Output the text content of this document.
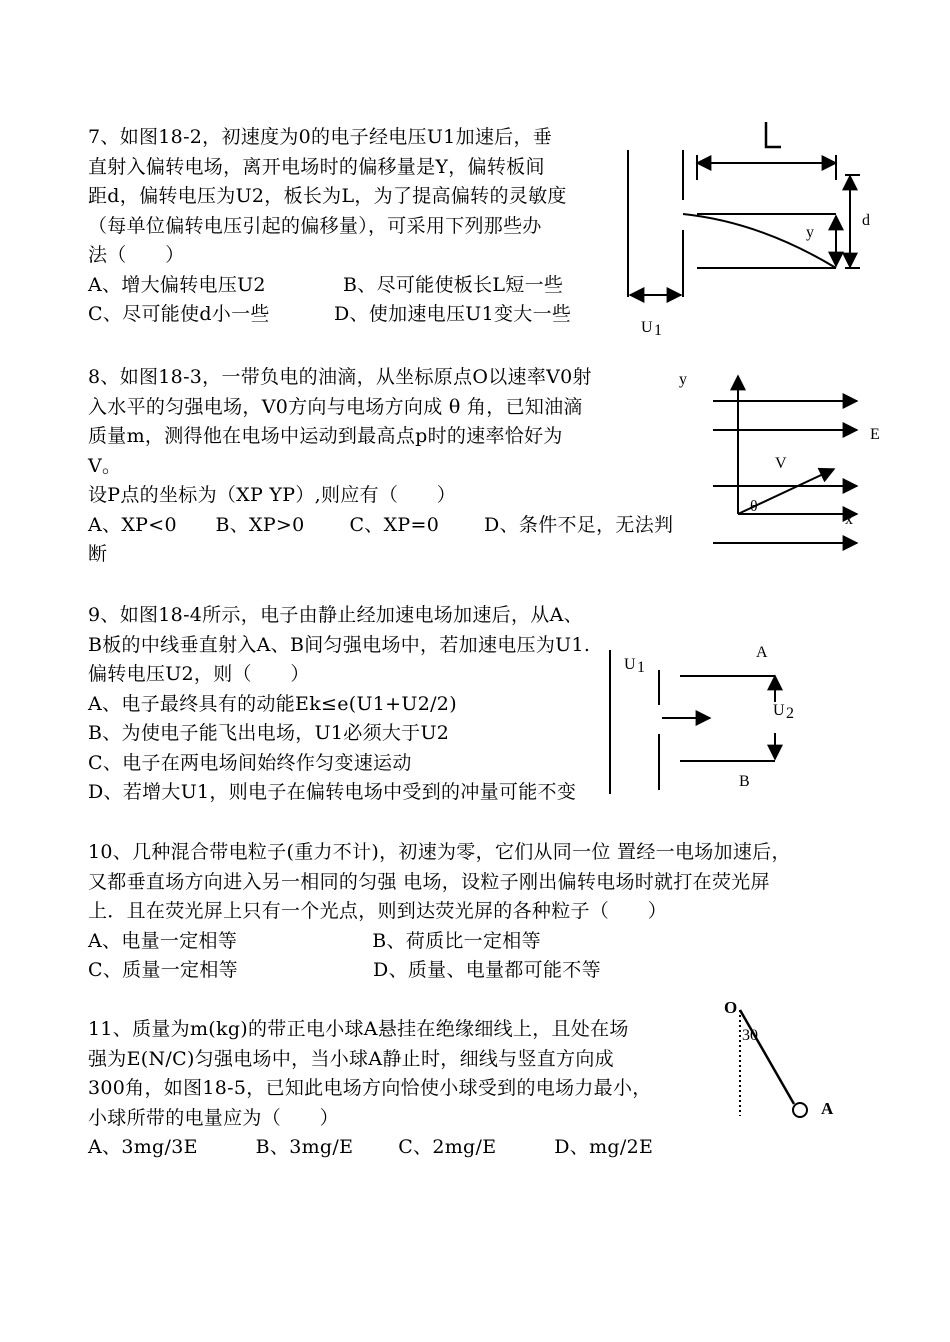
7、如图18-2，初速度为0的电子经电压U1加速后，垂
直射入偏转电场，离开电场时的偏移量是Y，偏转板间
距d，偏转电压为U2，板长为L，为了提高偏转的灵敏度
（每单位偏转电压引起的偏移量），可采用下列那些办
法（　　）
A、增大偏转电压U2　　　　B、尽可能使板长L短一些
C、尽可能使d小一些　　　 D、使加速电压U1变大一些
8、如图18-3，一带负电的油滴，从坐标原点O以速率V0射
入水平的匀强电场，V0方向与电场方向成 θ 角，已知油滴
质量m，测得他在电场中运动到最高点p时的速率恰好为
V。
设P点的坐标为（XP YP）,则应有（　　）
A、XP<0　　B、XP>0　　 C、XP=0　　 D、条件不足，无法判
断
9、如图18-4所示，电子由静止经加速电场加速后，从A、
B板的中线垂直射入A、B间匀强电场中，若加速电压为U1.
偏转电压U2，则（　　）
A、电子最终具有的动能Ek≤e(U1+U2/2)
B、为使电子能飞出电场，U1必须大于U2
C、电子在两电场间始终作匀变速运动
D、若增大U1，则电子在偏转电场中受到的冲量可能不变
10、几种混合带电粒子(重力不计)，初速为零，它们从同一位 置经一电场加速后，
又都垂直场方向进入另一相同的匀强 电场，设粒子刚出偏转电场时就打在荧光屏
上．且在荧光屏上只有一个光点，则到达荧光屏的各种粒子（　　）
A、电量一定相等　　　　　　　B、荷质比一定相等
C、质量一定相等　　　　　　　D、质量、电量都可能不等
11、质量为m(kg)的带正电小球A悬挂在绝缘细线上，且处在场
强为E(N/C)匀强电场中，当小球A静止时，细线与竖直方向成
300角，如图18-5，已知此电场方向恰使小球受到的电场力最小，
小球所带的电量应为（　　）
A、3mg/3E　　　B、3mg/E　　 C、2mg/E　　　D、mg/2E
d
y
U 1
y
E
V
θ
x
A
B
U 1
U 2
O
A
30
